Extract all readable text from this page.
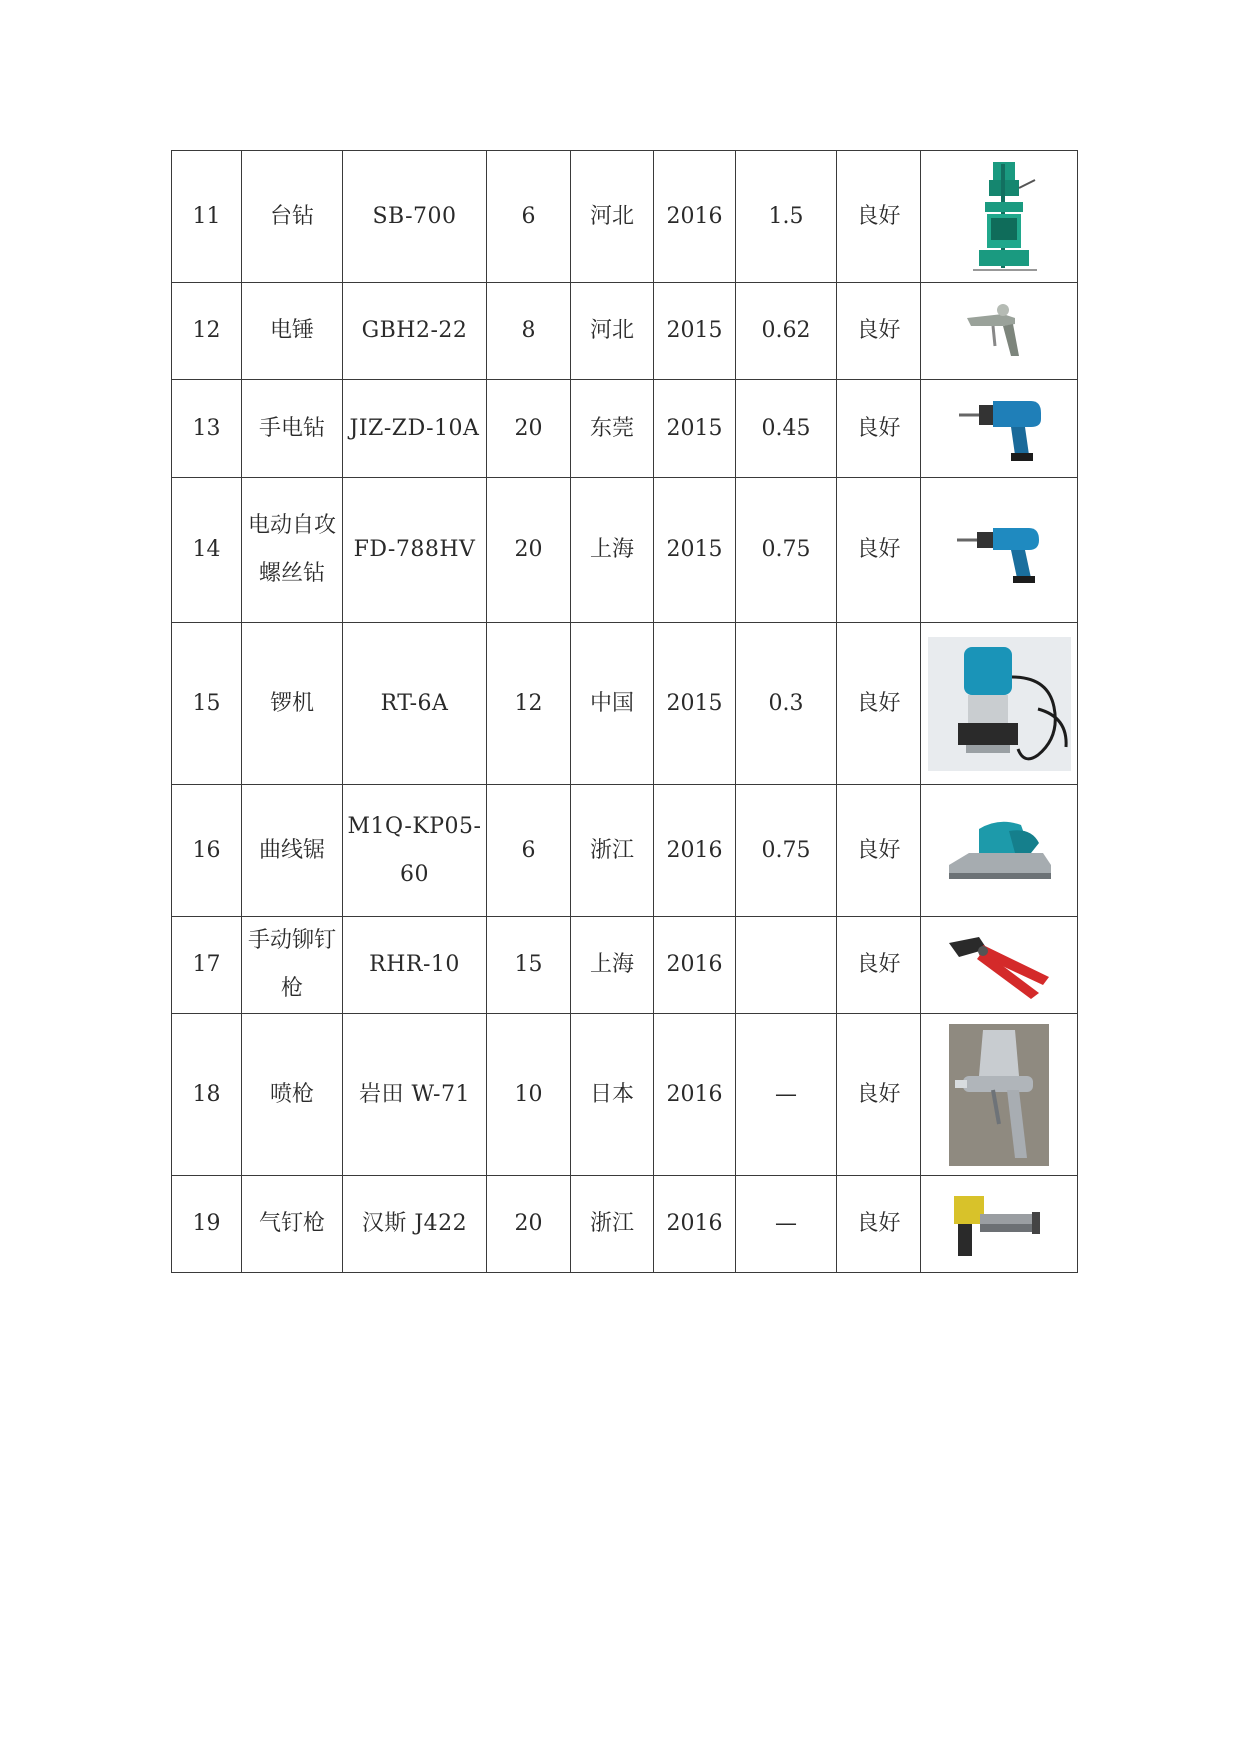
11	台钻	SB-700	6	河北	2016	1.5	良好	

12	电锤	GBH2-22	8	河北	2015	0.62	良好	

13	手电钻	JIZ-ZD-10A	20	东莞	2015	0.45	良好	

14	电动自攻螺丝钻	FD-788HV	20	上海	2015	0.75	良好	

15	锣机	RT-6A	12	中国	2015	0.3	良好	

16	曲线锯	M1Q-KP05-60	6	浙江	2016	0.75	良好	

17	手动铆钉枪	RHR-10	15	上海	2016		良好	

18	喷枪	岩田 W-71	10	日本	2016	—	良好	

19	气钉枪	汉斯 J422	20	浙江	2016	—	良好	
